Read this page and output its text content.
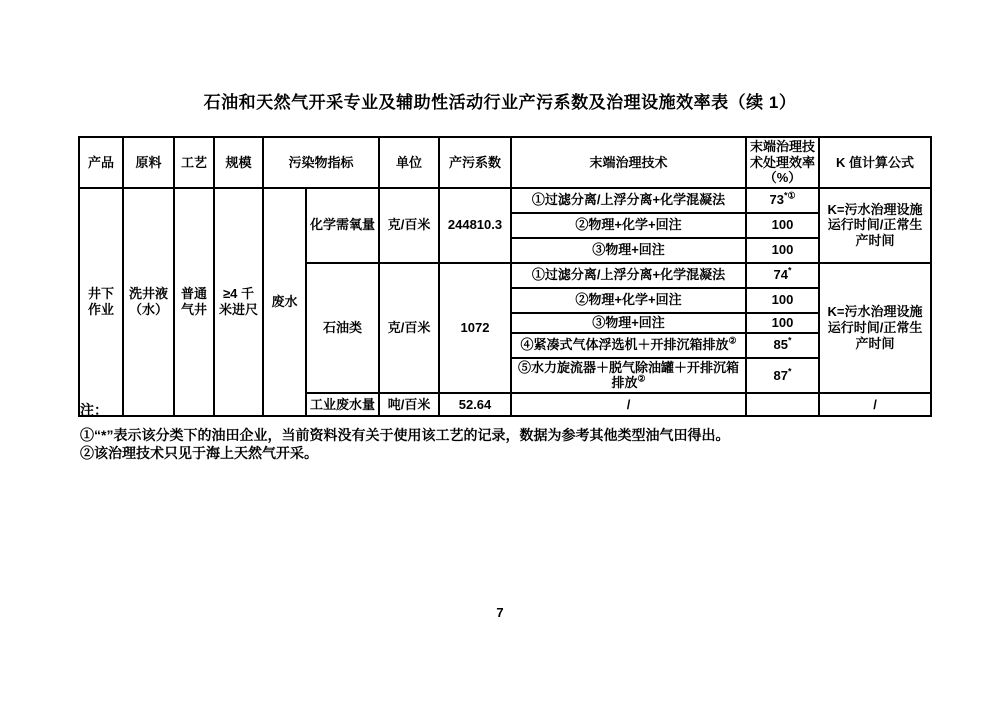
石油和天然气开采专业及辅助性活动行业产污系数及治理设施效率表（续 1）
产品	原料	工艺	规模	污染物指标		单位	产污系数	末端治理技术	末端治理技术处理效率（%）	K 值计算公式
井下作业	洗井液（水）	普通气井	≥4 千米进尺	废水	化学需氧量	克/百米	244810.3	①过滤分离/上浮分离+化学混凝法	73*①	K=污水治理设施运行时间/正常生产时间
								②物理+化学+回注	100	
								③物理+回注	100	
					石油类	克/百米	1072	①过滤分离/上浮分离+化学混凝法	74*	K=污水治理设施运行时间/正常生产时间
								②物理+化学+回注	100	
								③物理+回注	100	
								④紧凑式气体浮选机＋开排沉箱排放②	85*
								⑤水力旋流器＋脱气除油罐＋开排沉箱排放②	87*
					工业废水量	吨/百米	52.64	/		/
注：
①“*”表示该分类下的油田企业，当前资料没有关于使用该工艺的记录，数据为参考其他类型油气田得出。
②该治理技术只见于海上天然气开采。
7
